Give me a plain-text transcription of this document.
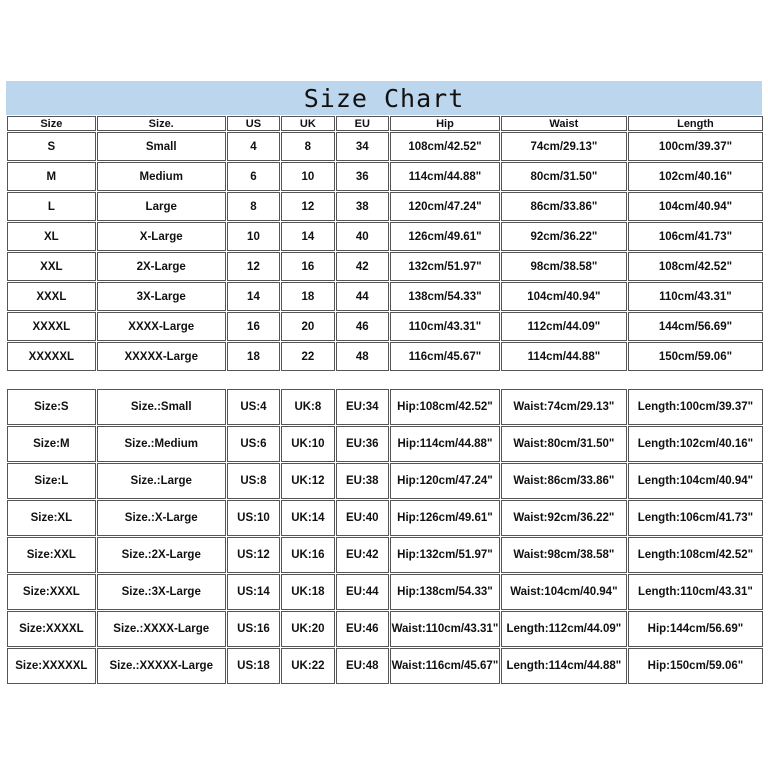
Size Chart
Size	Size.	US	UK	EU	Hip	Waist	Length
S	Small	4	8	34	108cm/42.52"	74cm/29.13"	100cm/39.37"
M	Medium	6	10	36	114cm/44.88"	80cm/31.50"	102cm/40.16"
L	Large	8	12	38	120cm/47.24"	86cm/33.86"	104cm/40.94"
XL	X-Large	10	14	40	126cm/49.61"	92cm/36.22"	106cm/41.73"
XXL	2X-Large	12	16	42	132cm/51.97"	98cm/38.58"	108cm/42.52"
XXXL	3X-Large	14	18	44	138cm/54.33"	104cm/40.94"	110cm/43.31"
XXXXL	XXXX-Large	16	20	46	110cm/43.31"	112cm/44.09"	144cm/56.69"
XXXXXL	XXXXX-Large	18	22	48	116cm/45.67"	114cm/44.88"	150cm/59.06"
Size:S	Size.:Small	US:4	UK:8	EU:34	Hip:108cm/42.52"	Waist:74cm/29.13"	Length:100cm/39.37"
Size:M	Size.:Medium	US:6	UK:10	EU:36	Hip:114cm/44.88"	Waist:80cm/31.50"	Length:102cm/40.16"
Size:L	Size.:Large	US:8	UK:12	EU:38	Hip:120cm/47.24"	Waist:86cm/33.86"	Length:104cm/40.94"
Size:XL	Size.:X-Large	US:10	UK:14	EU:40	Hip:126cm/49.61"	Waist:92cm/36.22"	Length:106cm/41.73"
Size:XXL	Size.:2X-Large	US:12	UK:16	EU:42	Hip:132cm/51.97"	Waist:98cm/38.58"	Length:108cm/42.52"
Size:XXXL	Size.:3X-Large	US:14	UK:18	EU:44	Hip:138cm/54.33"	Waist:104cm/40.94"	Length:110cm/43.31"
Size:XXXXL	Size.:XXXX-Large	US:16	UK:20	EU:46	Waist:110cm/43.31"	Length:112cm/44.09"	Hip:144cm/56.69"
Size:XXXXXL	Size.:XXXXX-Large	US:18	UK:22	EU:48	Waist:116cm/45.67"	Length:114cm/44.88"	Hip:150cm/59.06"
